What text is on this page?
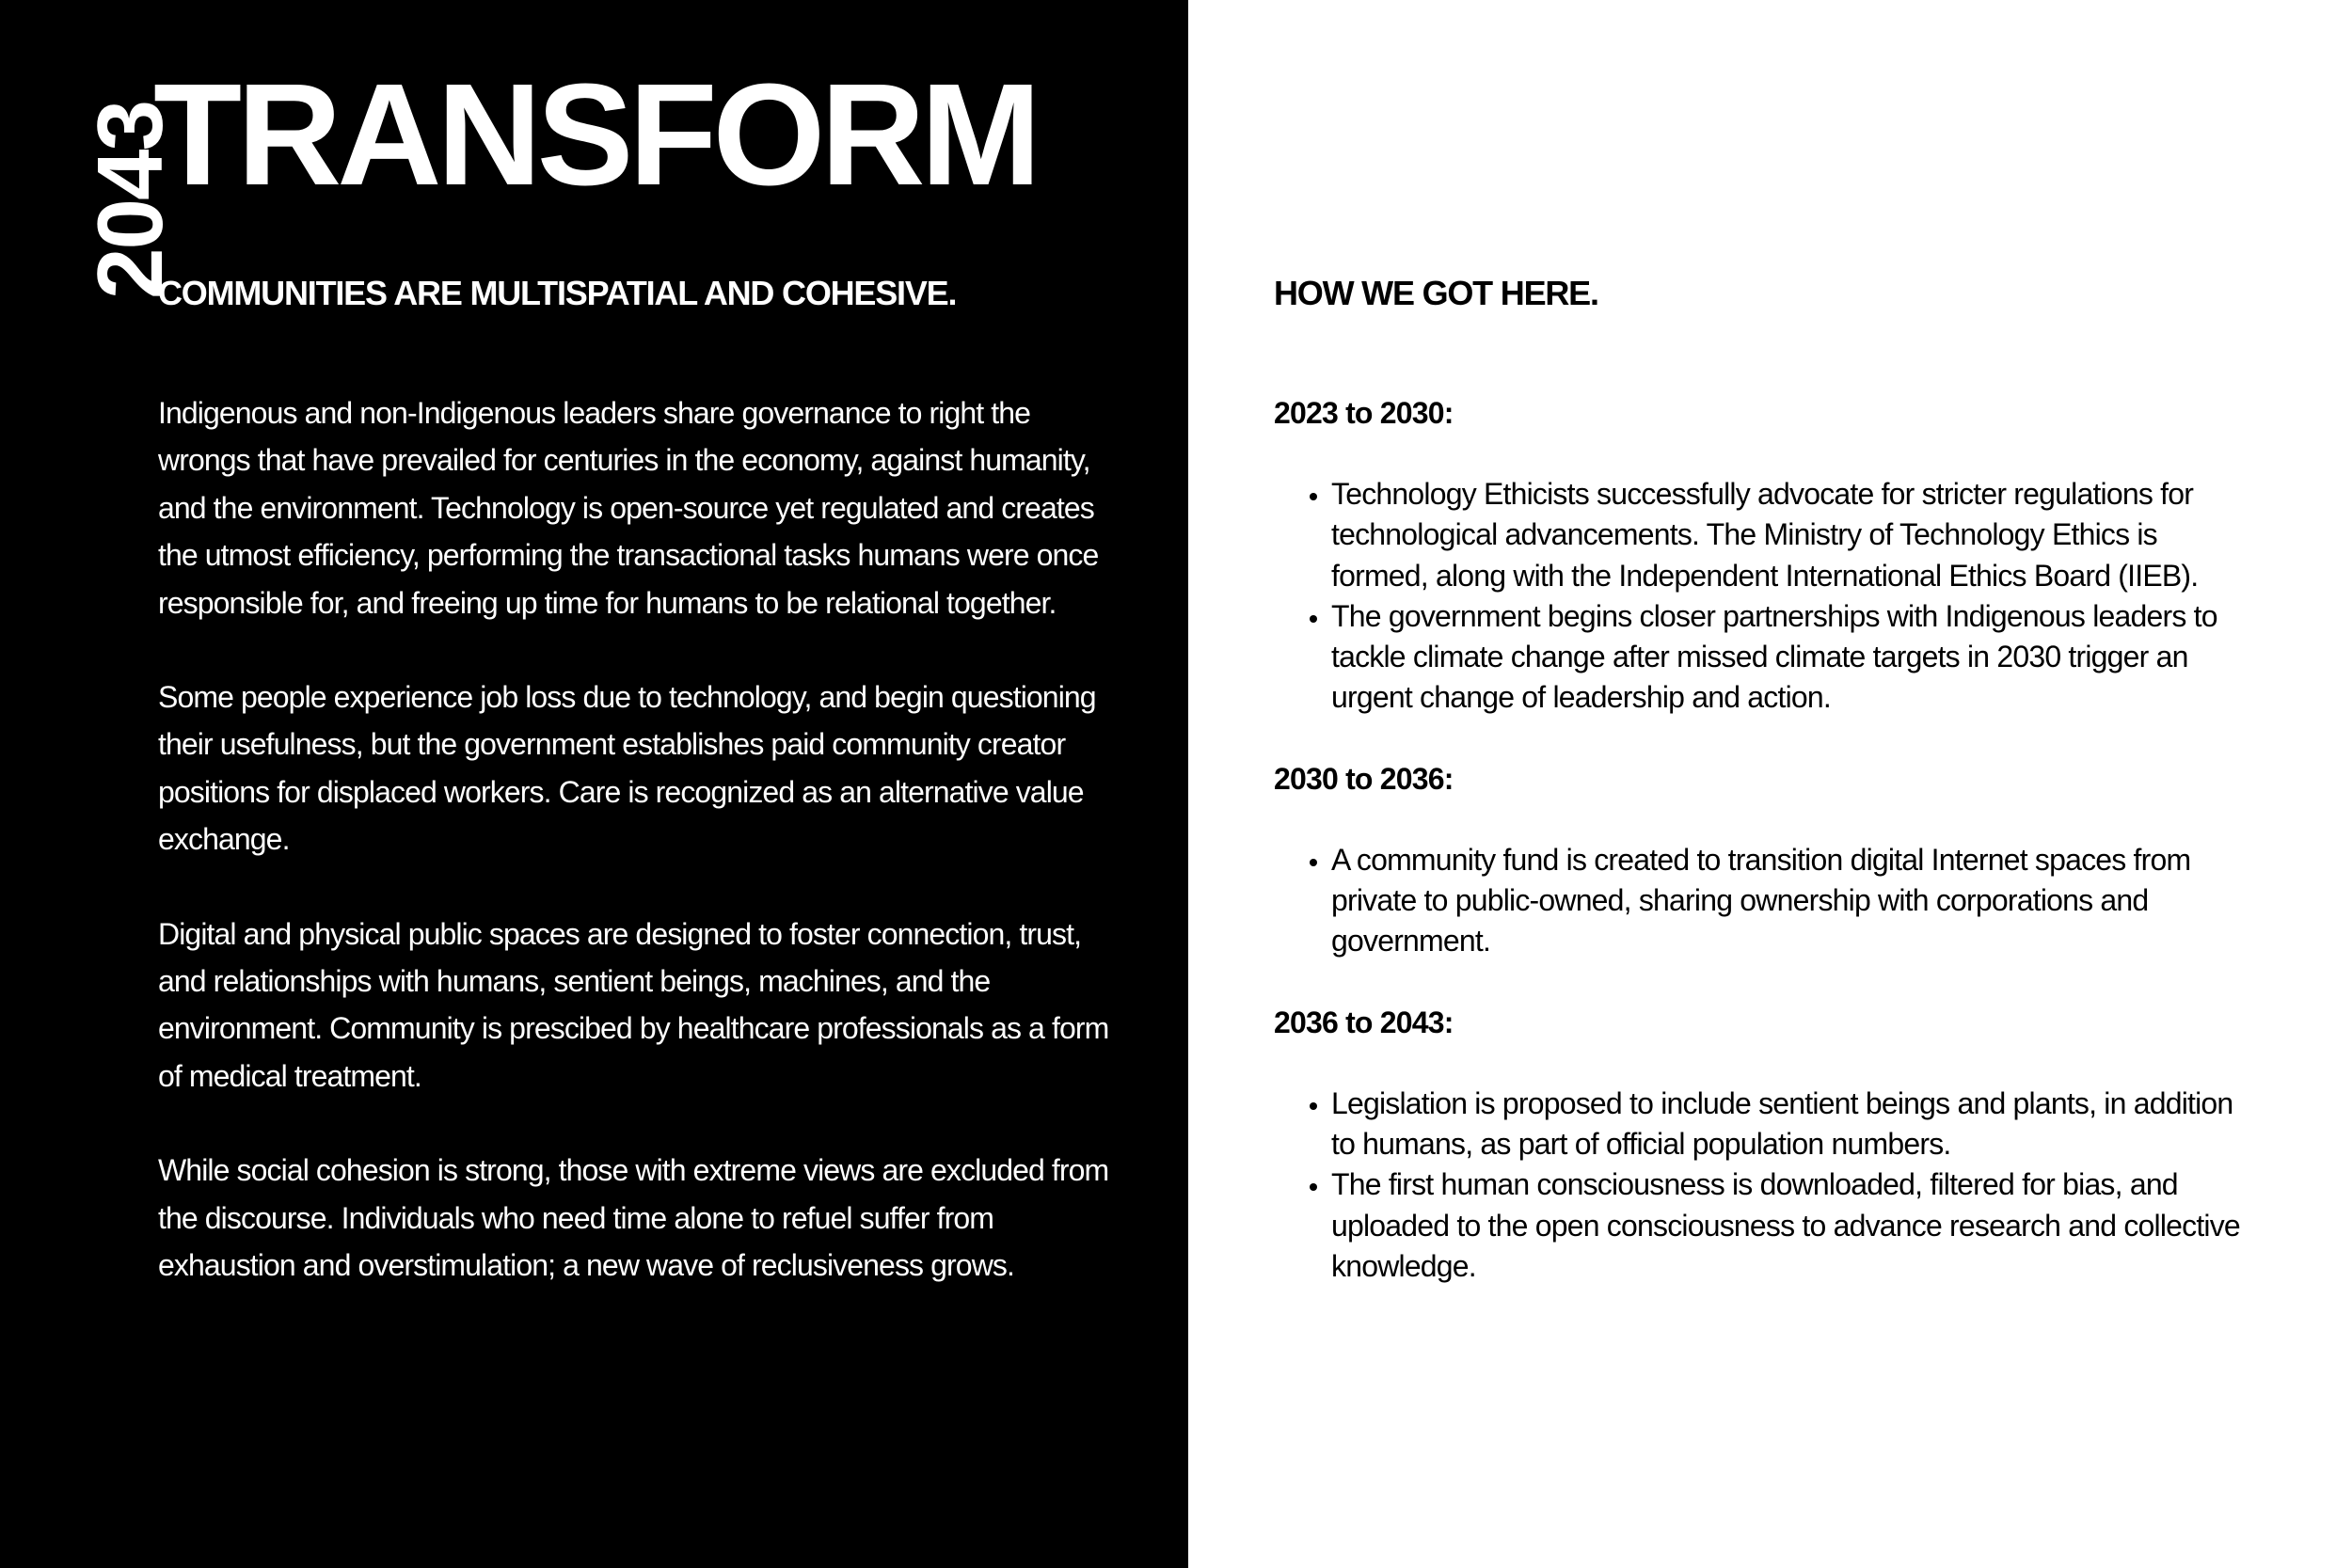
2043
TRANSFORM
COMMUNITIES ARE MULTISPATIAL AND COHESIVE.

Indigenous and non-Indigenous leaders share governance to right the wrongs that have prevailed for centuries in the economy, against humanity, and the environment. Technology is open-source yet regulated and creates the utmost efficiency, performing the transactional tasks humans were once responsible for, and freeing up time for humans to be relational together.

Some people experience job loss due to technology, and begin questioning their usefulness, but the government establishes paid community creator positions for displaced workers. Care is recognized as an alternative value exchange.

Digital and physical public spaces are designed to foster connection, trust, and relationships with humans, sentient beings, machines, and the environment. Community is prescibed by healthcare professionals as a form of medical treatment.

While social cohesion is strong, those with extreme views are excluded from the discourse. Individuals who need time alone to refuel suffer from exhaustion and overstimulation; a new wave of reclusiveness grows.

HOW WE GOT HERE.

2023 to 2030:

• Technology Ethicists successfully advocate for stricter regulations for technological advancements. The Ministry of Technology Ethics is formed, along with the Independent International Ethics Board (IIEB).
• The government begins closer partnerships with Indigenous leaders to tackle climate change after missed climate targets in 2030 trigger an urgent change of leadership and action.

2030 to 2036:

• A community fund is created to transition digital Internet spaces from private to public-owned, sharing ownership with corporations and government.

2036 to 2043:

• Legislation is proposed to include sentient beings and plants, in addition to humans, as part of official population numbers.
• The first human consciousness is downloaded, filtered for bias, and uploaded to the open consciousness to advance research and collective knowledge.
